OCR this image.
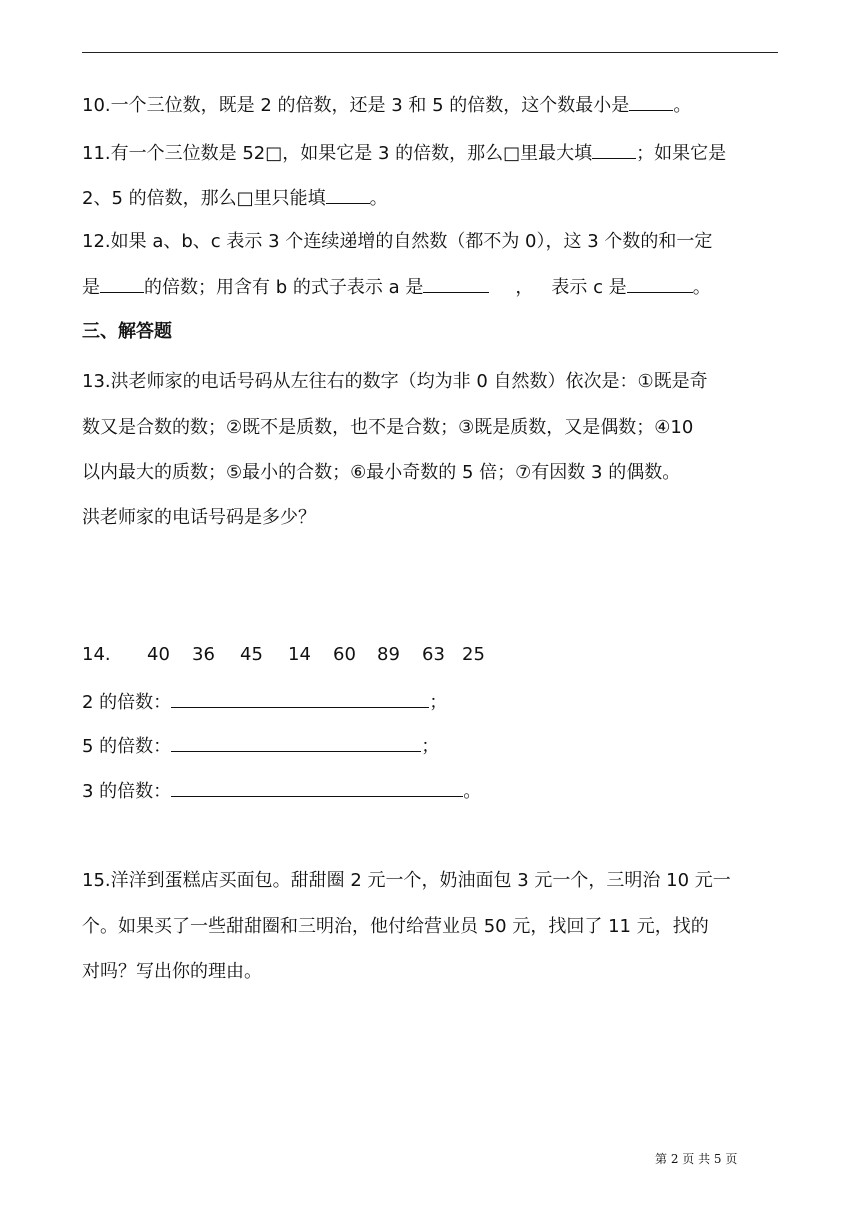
10.一个三位数，既是 2 的倍数，还是 3 和 5 的倍数，这个数最小是 。
11.有一个三位数是 52□，如果它是 3 的倍数，那么□里最大填 ；如果它是
2、5 的倍数，那么□里只能填 。
12.如果 a、b、c 表示 3 个连续递增的自然数（都不为 0），这 3 个数的和一定
是 的倍数；用含有 b 的式子表示 a 是	， 表示 c 是	。
三、解答题
13.洪老师家的电话号码从左往右的数字（均为非 0 自然数）依次是：①既是奇
数又是合数的数；②既不是质数，也不是合数；③既是质数，又是偶数；④10
以内最大的质数；⑤最小的合数；⑥最小奇数的 5 倍；⑦有因数 3 的偶数。
洪老师家的电话号码是多少？
14. 40 36 45 14 60 89 63 25
2 的倍数：	；
5 的倍数：	；
3 的倍数：	。
15.洋洋到蛋糕店买面包。甜甜圈 2 元一个，奶油面包 3 元一个，三明治 10 元一
个。如果买了一些甜甜圈和三明治，他付给营业员 50 元，找回了 11 元，找的
对吗？写出你的理由。
第 2 页 共 5 页
